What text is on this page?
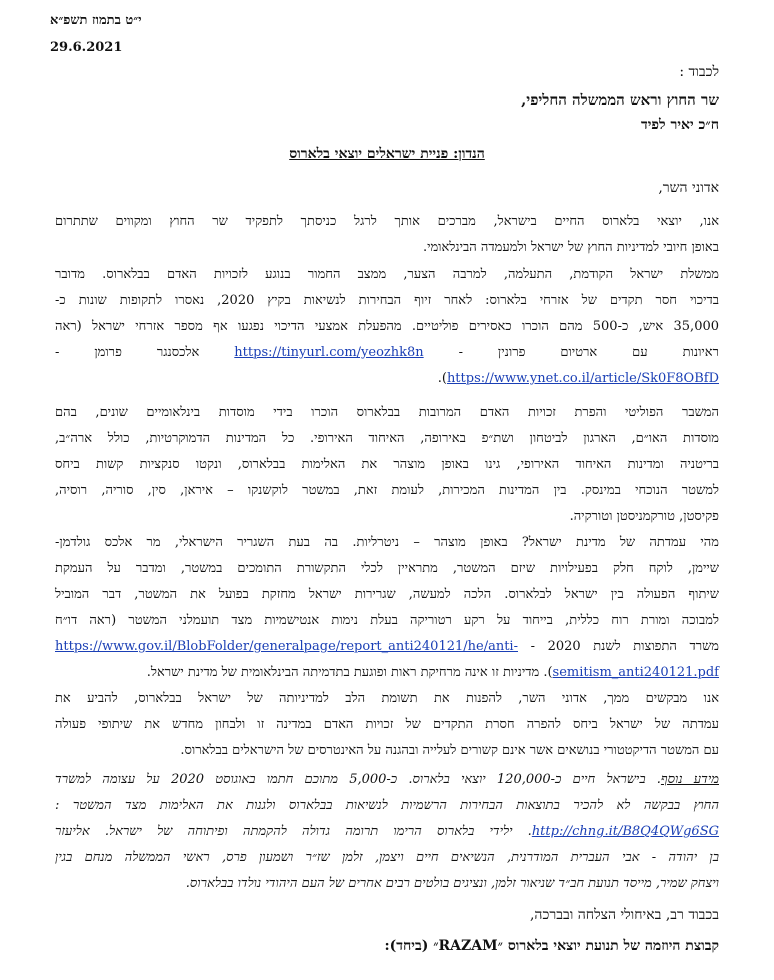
י״ט בתמוז תשפ״א
29.6.2021
לכבוד :
שר החוץ וראש הממשלה החליפי,
ח״כ יאיר לפיד
הנדון: פניית ישראלים יוצאי בלארוס
אדוני השר,
אנו, יוצאי בלארוס החיים בישראל, מברכים אותך לרגל כניסתך לתפקיד שר החוץ ומקווים שתתרום
באופן חיובי למדיניות החוץ של ישראל ולמעמדה הבינלאומי.
ממשלת ישראל הקודמת, התעלמה, למרבה הצער, ממצב החמור בנוגע לזכויות האדם בבלארוס. מדובר
בדיכוי חסר תקדים של אזרחי בלארוס: לאחר זיוף הבחירות לנשיאות בקיץ 2020, נאסרו לתקופות שונות כ-
35,000 איש, כ-500 מהם הוכרו כאסירים פוליטיים. מהפעלת אמצעי הדיכוי נפגעו אף מספר אזרחי ישראל (ראה
ראיונות עם ארטיום פרונין - https://tinyurl.com/yeozhk8n אלכסנגר פרומן -
https://www.ynet.co.il/article/Sk0F8OBfD).
המשבר הפוליטי והפרת זכויות האדם המרובות בבלארוס הוכרו בידי מוסדות בינלאומיים שונים, בהם
מוסדות האו״ם, הארגון לביטחון ושת״פ באירופה, האיחוד האירופי. כל המדינות הדמוקרטיות, כולל ארה״ב,
בריטניה ומדינות האיחוד האירופי, גינו באופן מוצהר את האלימות בבלארוס, ונקטו סנקציות קשות ביחס
למשטר הנוכחי במינסק. בין המדינות המכירות, לעומת זאת, במשטר לוקשנקו – איראן, סין, סוריה, רוסיה,
פקיסטן, טורקמניסטן וטורקיה.
מהי עמדתה של מדינת ישראל? באופן מוצהר – ניטרליות. בה בעת השגריר הישראלי, מר אלכס גולדמן-
שיימן, לוקח חלק בפעילויות שיזם המשטר, מתראיין לכלי התקשורת התומכים במשטר, ומדבר על העמקת
שיתוף הפעולה בין ישראל לבלארוס. הלכה למעשה, שגרירות ישראל מחזקת בפועל את המשטר, דבר המוביל
למבוכה ומורת רוח כללית, בייחוד על רקע רטוריקה בעלת נימות אנטישמיות מצד תועמלני המשטר (ראה דו״ח
משרד התפוצות לשנת 2020 - https://www.gov.il/BlobFolder/generalpage/report_anti240121/he/anti-
semitism_anti240121.pdf). מדיניות זו אינה מרחיקת ראות ופוגעת בתדמיתה הבינלאומית של מדינת ישראל.
אנו מבקשים ממך, אדוני השר, להפנות את תשומת הלב למדיניותה של ישראל בבלארוס, להביע את
עמדתה של ישראל ביחס להפרה חסרת התקדים של זכויות האדם במדינה זו ולבחון מחדש את שיתופי פעולה
עם המשטר הדיקטטורי בנושאים אשר אינם קשורים לעלייה ובהגנה על האינטרסים של הישראלים בבלארוס.
מידע נוסף. בישראל חיים כ-120,000 יוצאי בלארוס. כ-5,000 מתוכם חתמו באוגוסט 2020 על עצומה למשרד
החוץ בבקשה לא להכיר בתוצאות הבחירות הרשמיות לנשיאות בבלארוס ולגנות את האלימות מצד המשטר :
http://chng.it/B8Q4QWg6SG. ילידי בלארוס הרימו תרומה גדולה להקמתה ופיתוחה של ישראל. אליעזר
בן יהודה - אבי העברית המודרנית, הנשיאים חיים ויצמן, זלמן שז״ר ושמעון פרס, ראשי הממשלה מנחם בגין
ויצחק שמיר, מייסד תנועת חב״ד שניאור זלמן, ונציגים בולטים רבים אחרים של העם היהודי נולדו בבלארוס.
בכבוד רב, באיחולי הצלחה ובברכה,
קבוצת היוזמה של תנועת יוצאי בלארוס ״RAZAM״ (ביחד):
